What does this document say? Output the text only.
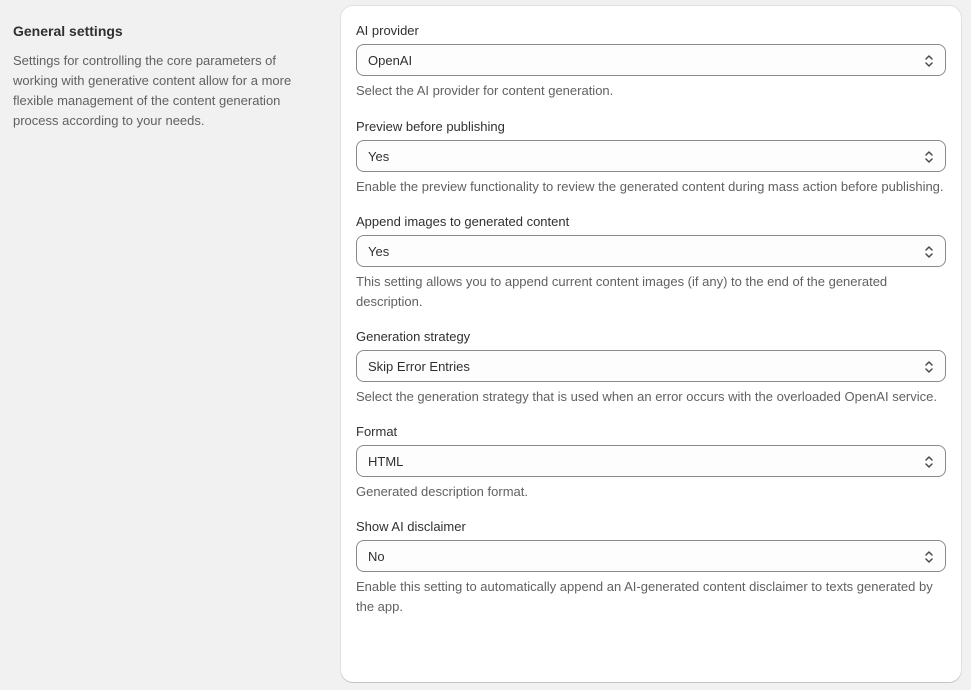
General settings

Settings for controlling the core parameters of working with generative content allow for a more flexible management of the content generation process according to your needs.

AI provider
OpenAI
Select the AI provider for content generation.
Preview before publishing
Yes
Enable the preview functionality to review the generated content during mass action before publishing.
Append images to generated content
Yes
This setting allows you to append current content images (if any) to the end of the generated description.
Generation strategy
Skip Error Entries
Select the generation strategy that is used when an error occurs with the overloaded OpenAI service.
Format
HTML
Generated description format.
Show AI disclaimer
No
Enable this setting to automatically append an AI-generated content disclaimer to texts generated by the app.
